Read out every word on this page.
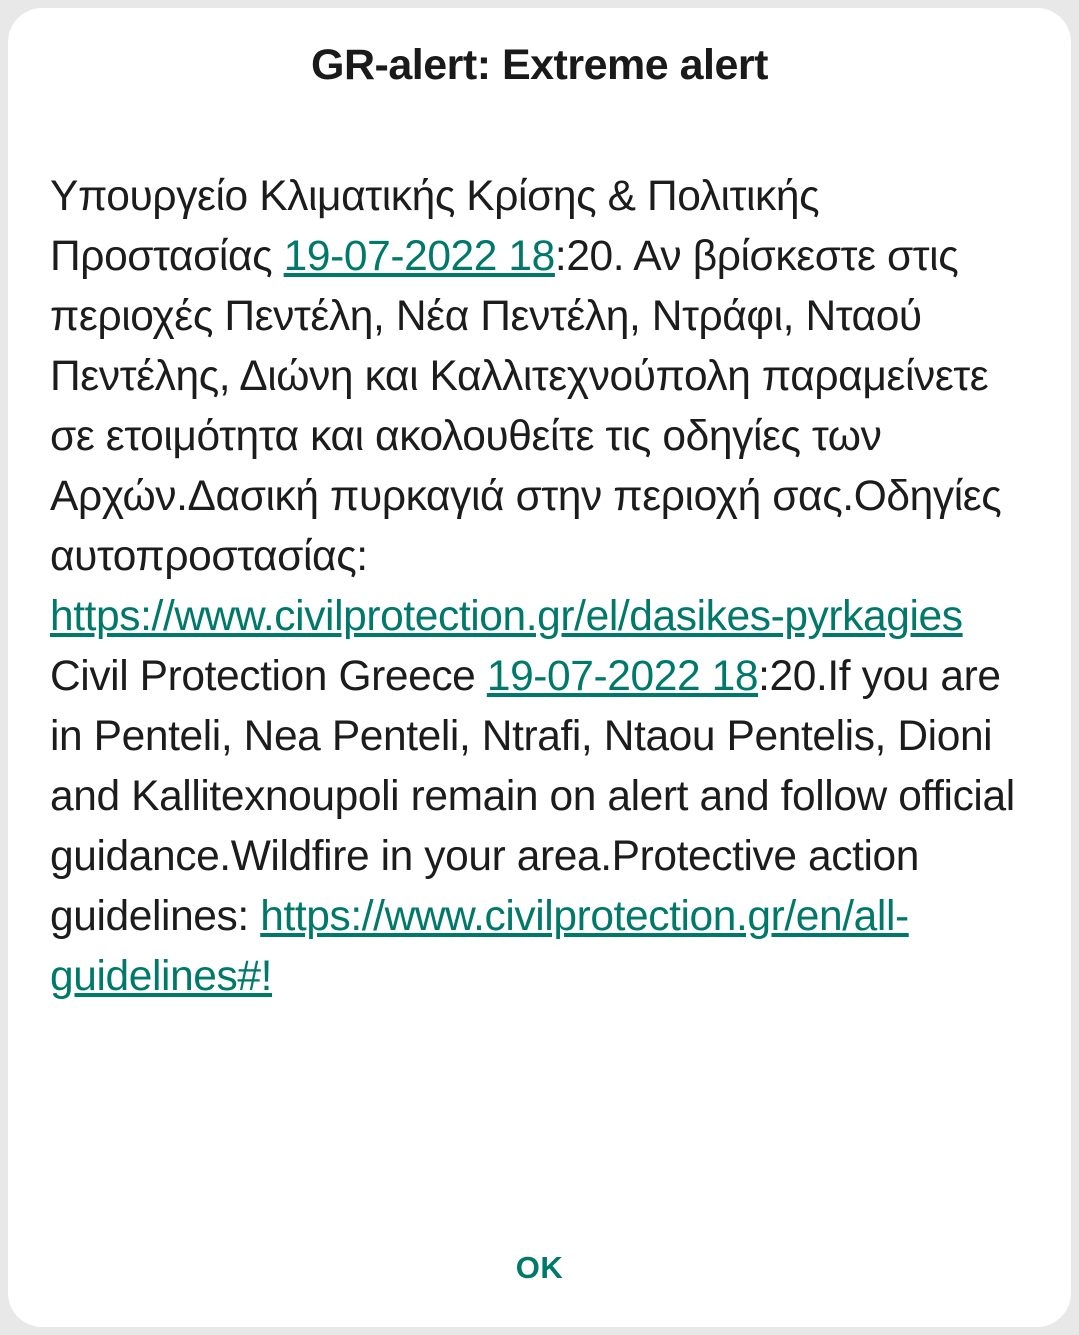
GR-alert: Extreme alert

Υπουργείο Κλιματικής Κρίσης & Πολιτικής Προστασίας 19-07-2022 18:20. Αν βρίσκεστε στις περιοχές Πεντέλη, Νέα Πεντέλη, Ντράφι, Νταού Πεντέλης, Διώνη και Καλλιτεχνούπολη παραμείνετε σε ετοιμότητα και ακολουθείτε τις οδηγίες των Αρχών.Δασική πυρκαγιά στην περιοχή σας.Οδηγίες αυτοπροστασίας: https://www.civilprotection.gr/el/dasikes-pyrkagies Civil Protection Greece 19-07-2022 18:20.If you are in Penteli, Nea Penteli, Ntrafi, Ntaou Pentelis, Dioni and Kallitexnoupoli remain on alert and follow official guidance.Wildfire in your area.Protective action guidelines: https://www.civilprotection.gr/en/all-guidelines#!

OK
